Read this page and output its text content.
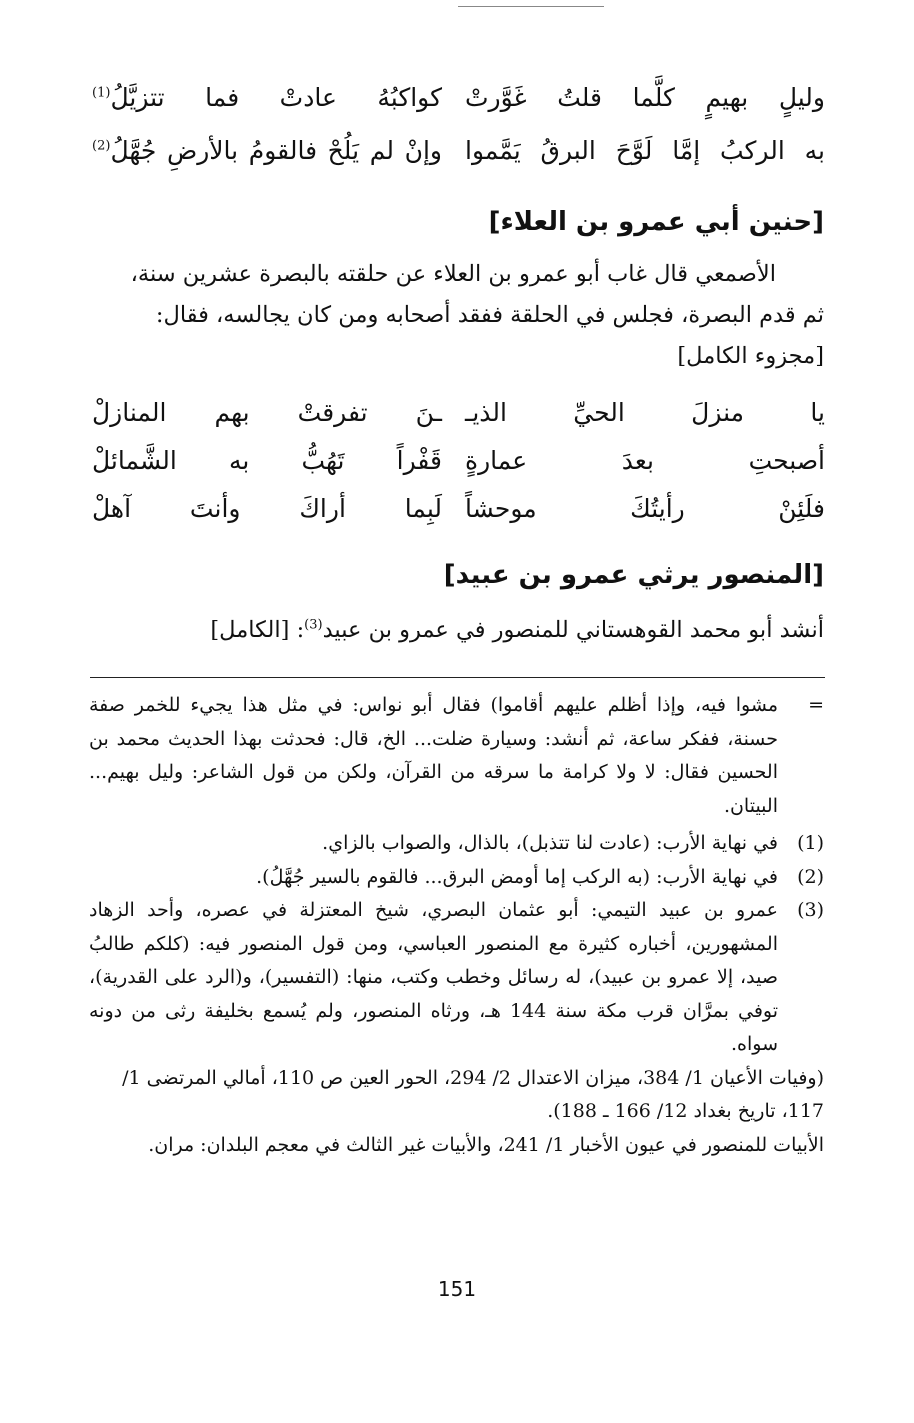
وليلٍ بهيمٍ كلَّما قلتُ غَوَّرتْ
كواكبُهُ عادتْ فما تتزيَّلُ$^{(1)}$
به الركبُ إمَّا لَوَّحَ البرقُ يَمَّموا
وإنْ لم يَلُحْ فالقومُ بالأرضِ جُهَّلُ$^{(2)}$
[حنين أبي عمرو بن العلاء]

الأصمعي قال غاب أبو عمرو بن العلاء عن حلقته بالبصرة عشرين سنة،

ثم قدم البصرة، فجلس في الحلقة ففقد أصحابه ومن كان يجالسه، فقال:

[مجزوء الكامل]
يا منزلَ الحيِّ الذيـ
ـنَ تفرقتْ بهم المنازلْ
أصبحتِ بعدَ عمارةٍ
قَفْراً تَهُبُّ به الشَّمائلْ
فلَئِنْ رأيتُكَ موحشاً
لَبِما أراكَ وأنتَ آهلْ
[المنصور يرثي عمرو بن عبيد]
أنشد أبو محمد القوهستاني للمنصور في عمرو بن عبيد$^{(3)}$: [الكامل]
=
مشوا فيه، وإذا أظلم عليهم أقاموا) فقال أبو نواس: في مثل هذا يجيء للخمر صفة حسنة، ففكر ساعة، ثم أنشد: وسيارة ضلت... الخ، قال: فحدثت بهذا الحديث محمد بن الحسين فقال: لا ولا كرامة ما سرقه من القرآن، ولكن من قول الشاعر: وليل بهيم... البيتان.
(1)
في نهاية الأرب: (عادت لنا تتذبل)، بالذال، والصواب بالزاي.
(2)
في نهاية الأرب: (به الركب إما أومض البرق... فالقوم بالسير جُهَّلُ).
(3)
عمرو بن عبيد التيمي: أبو عثمان البصري، شيخ المعتزلة في عصره، وأحد الزهاد المشهورين، أخباره كثيرة مع المنصور العباسي، ومن قول المنصور فيه: (كلكم طالبُ صيد، إلا عمرو بن عبيد)، له رسائل وخطب وكتب، منها: (التفسير)، و(الرد على القدرية)، توفي بمرَّان قرب مكة سنة 144 هـ، ورثاه المنصور، ولم يُسمع بخليفة رثى من دونه سواه.
(وفيات الأعيان 1/ 384، ميزان الاعتدال 2/ 294، الحور العين ص 110، أمالي المرتضى 1/ 117، تاريخ بغداد 12/ 166 ـ 188).
الأبيات للمنصور في عيون الأخبار 1/ 241، والأبيات غير الثالث في معجم البلدان: مران.
151
